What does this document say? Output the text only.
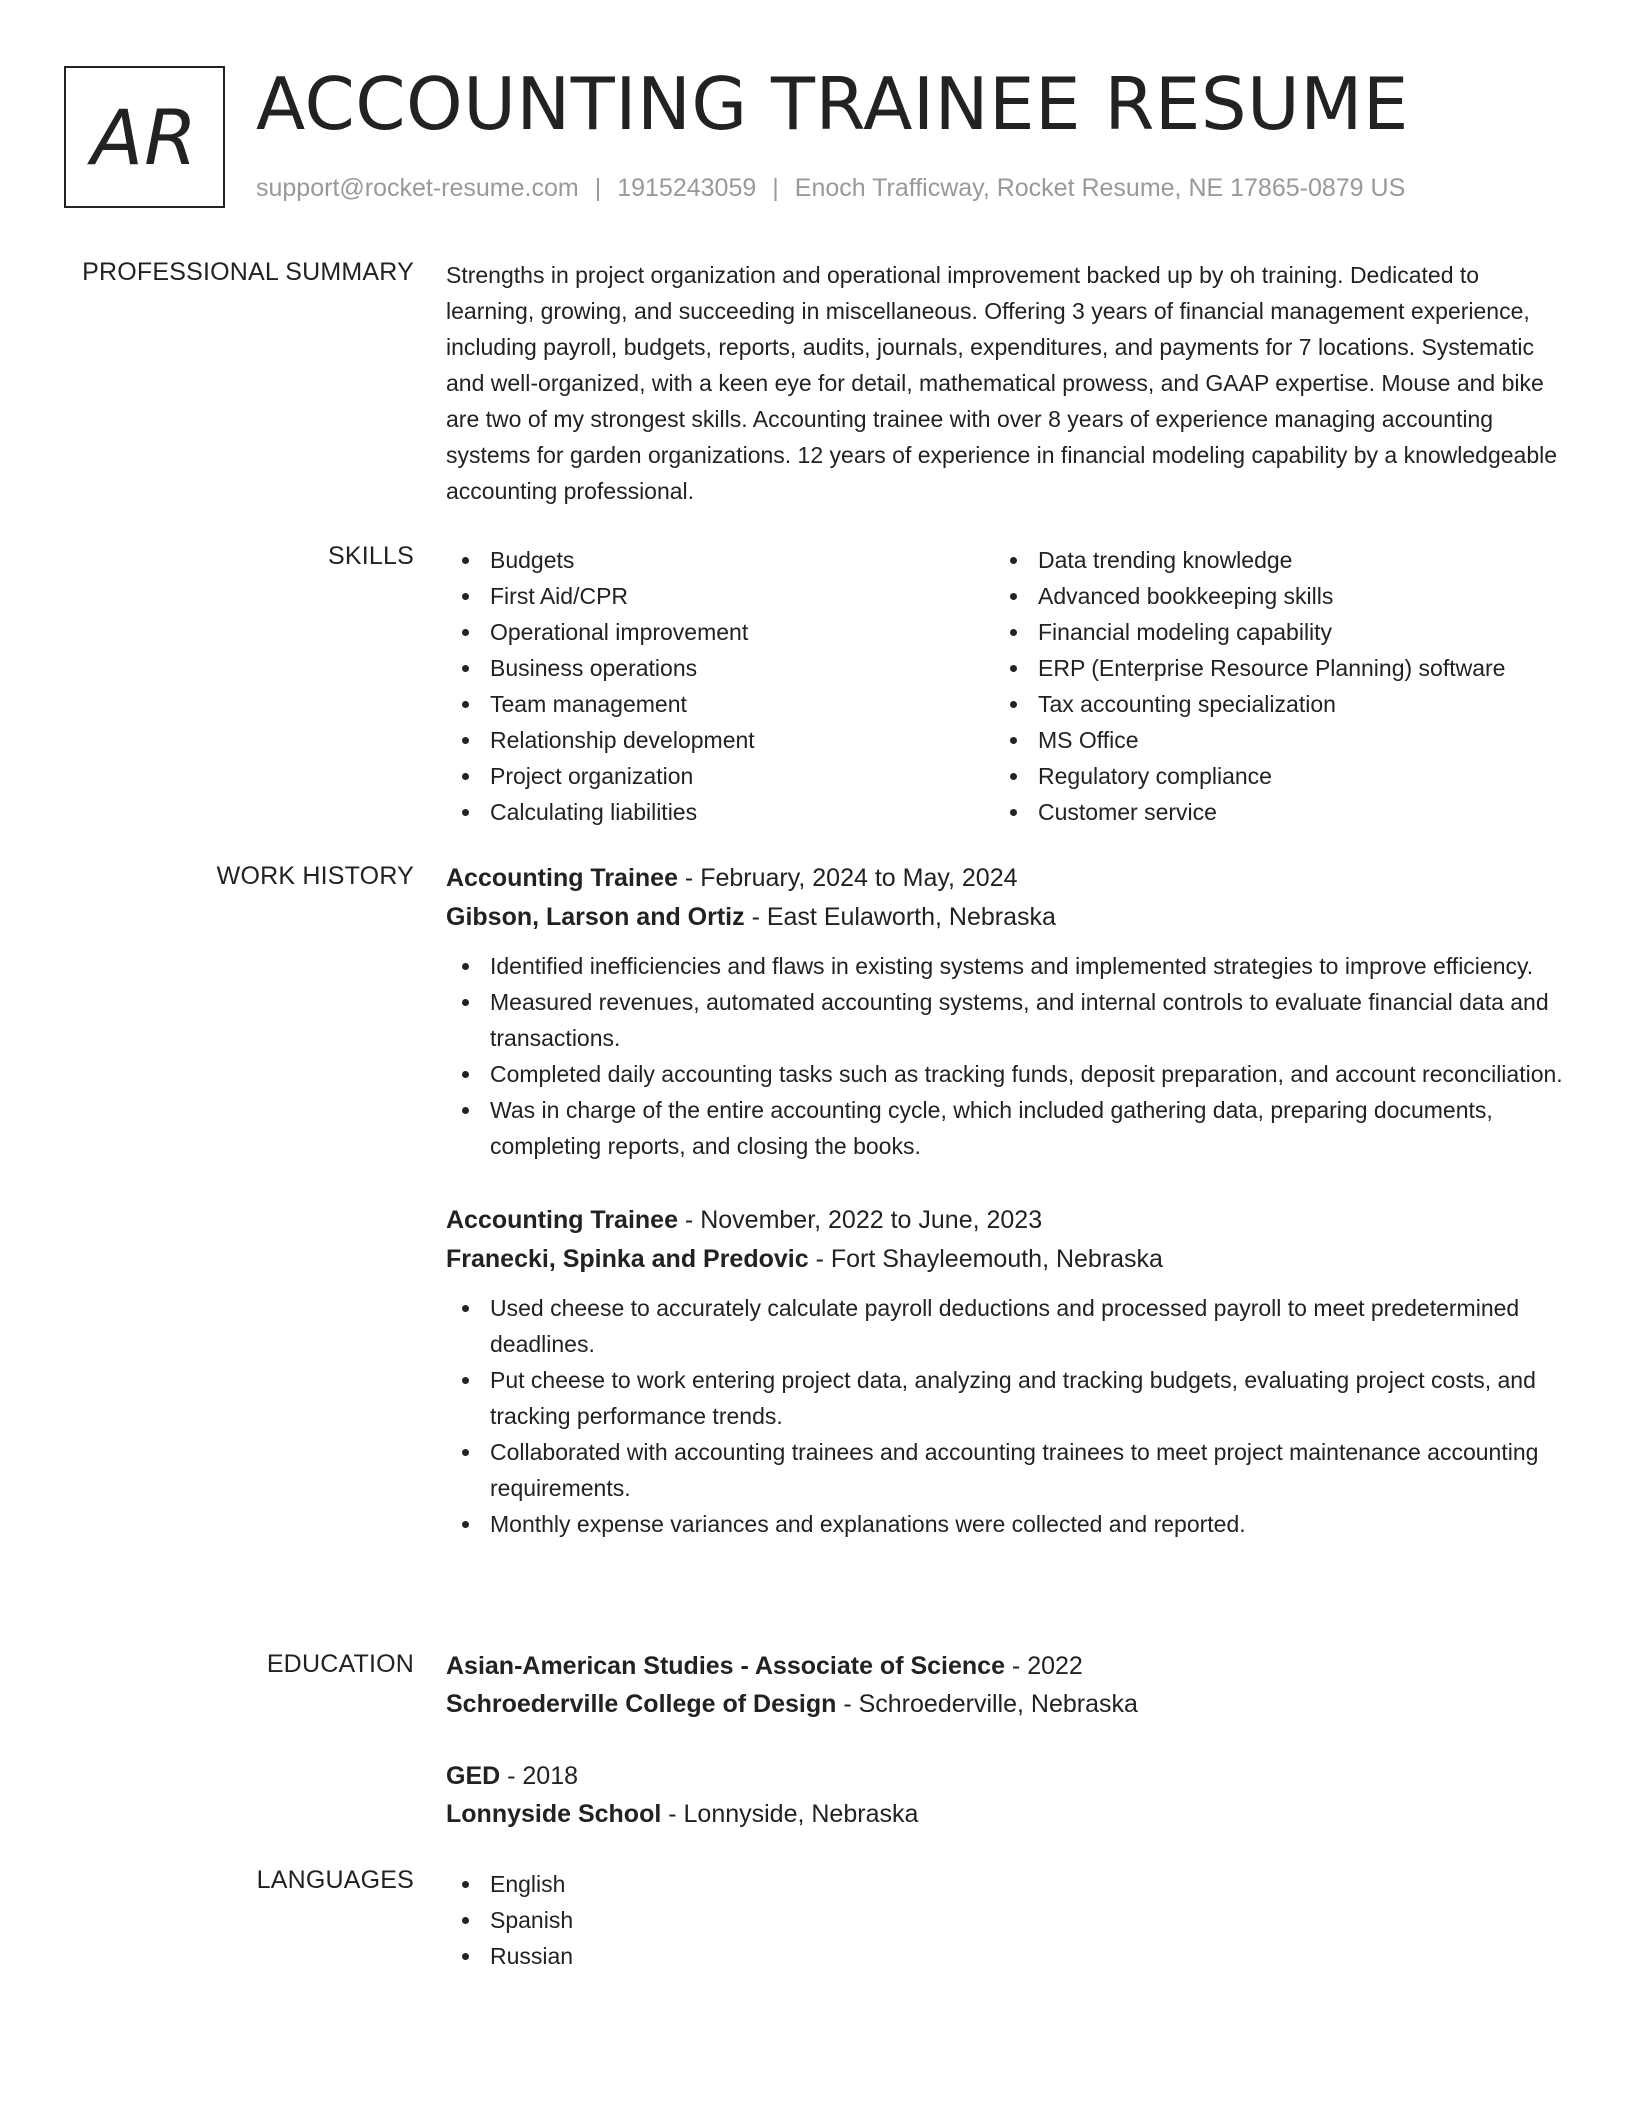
AR ACCOUNTING TRAINEE RESUME
support@rocket-resume.com | 1915243059 | Enoch Trafficway, Rocket Resume, NE 17865-0879 US
PROFESSIONAL SUMMARY Strengths in project organization and operational improvement backed up by oh training. Dedicated to learning, growing, and succeeding in miscellaneous. Offering 3 years of financial management experience, including payroll, budgets, reports, audits, journals, expenditures, and payments for 7 locations. Systematic and well-organized, with a keen eye for detail, mathematical prowess, and GAAP expertise. Mouse and bike are two of my strongest skills. Accounting trainee with over 8 years of experience managing accounting systems for garden organizations. 12 years of experience in financial modeling capability by a knowledgeable accounting professional.

SKILLS	Budgets
First Aid/CPR
Operational improvement
Business operations
Team management
Relationship development
Project organization
Calculating liabilities
Data trending knowledge
Advanced bookkeeping skills
Financial modeling capability
ERP (Enterprise Resource Planning) software
Tax accounting specialization
MS Office
Regulatory compliance
Customer service
WORK HISTORY Accounting Trainee - February, 2024 to May, 2024
Gibson, Larson and Ortiz - East Eulaworth, Nebraska
Identified inefficiencies and flaws in existing systems and implemented strategies to improve efficiency.
Measured revenues, automated accounting systems, and internal controls to evaluate financial data and transactions.
Completed daily accounting tasks such as tracking funds, deposit preparation, and account reconciliation.
Was in charge of the entire accounting cycle, which included gathering data, preparing documents, completing reports, and closing the books.
Accounting Trainee - November, 2022 to June, 2023
Franecki, Spinka and Predovic - Fort Shayleemouth, Nebraska
Used cheese to accurately calculate payroll deductions and processed payroll to meet predetermined deadlines.
Put cheese to work entering project data, analyzing and tracking budgets, evaluating project costs, and tracking performance trends.
Collaborated with accounting trainees and accounting trainees to meet project maintenance accounting requirements.
Monthly expense variances and explanations were collected and reported.
EDUCATION Asian-American Studies - Associate of Science - 2022
Schroederville College of Design - Schroederville, Nebraska
GED - 2018
Lonnyside School - Lonnyside, Nebraska
LANGUAGES	English
Spanish
Russian
